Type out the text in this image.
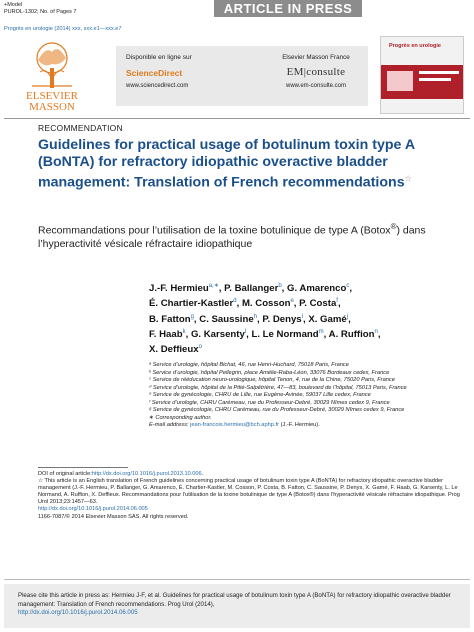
+Model
PUROL-1302; No. of Pages 7	ARTICLE IN PRESS
Progrès en urologie (2014) xxx, xxx.e1—xxx.e7
ELSEVIER
MASSON
Disponible en ligne sur
ScienceDirect
www.sciencedirect.com
Elsevier Masson France
EM|consulte
www.em-consulte.com
Progrès en urologie
RECOMMENDATION
Guidelines for practical usage of botulinum toxin type A (BoNTA) for refractory idiopathic overactive bladder management: Translation of French recommendations☆
Recommandations pour l’utilisation de la toxine botulinique de type A (Botox®) dans l’hyperactivité vésicale réfractaire idiopathique
J.-F. Hermieu$^{a,∗}$, P. Ballanger$^b$, G. Amarenco$^c$,
É. Chartier-Kastler$^d$, M. Cosson$^e$, P. Costa$^f$,
B. Fatton$^g$, C. Saussine$^h$, P. Denys$^i$, X. Gamé$^j$,
F. Haab$^k$, G. Karsenty$^l$, L. Le Normand$^m$, A. Ruffion$^n$,
X. Deffieux$^o$
ᵃ Service d’urologie, hôpital Bichat, 46, rue Henri-Huchard, 75018 Paris, France
ᵇ Service d’urologie, hôpital Pellegrin, place Amélie-Raba-Léon, 33076 Bordeaux cedex, France
ᶜ Service de rééducation neuro-urologique, hôpital Tenon, 4, rue de la Chine, 75020 Paris, France
ᵈ Service d’urologie, hôpital de la Pitié-Salpêtrière, 47—83, boulevard de l’hôpital, 75013 Paris, France
ᵉ Service de gynécologie, CHRU de Lille, rue Eugène-Avinée, 59037 Lille cedex, France
ᶠ Service d’urologie, CHRU Carémeau, rue du Professeur-Debré, 30029 Nîmes cedex 9, France
ᵍ Service de gynécologie, CHRU Carémeau, rue du Professeur-Debré, 30029 Nîmes cedex 9, France
∗ Corresponding author.
E-mail address: jean-francois.hermieu@bch.aphp.fr (J.-F. Hermieu).
DOI of original article:http://dx.doi.org/10.1016/j.purol.2013.10.006.
☆ This article is an English translation of French guidelines concerning practical usage of botulinum toxin type A (BoNTA) for refractory idiopathic overactive bladder management (J.-F. Hermieu, P. Ballanger, G. Amarenco, É. Chartier-Kastler, M. Cosson, P. Costa, B. Fatton, C. Saussine, P. Denys, X. Gamé, F. Haab, G. Karsenty, L. Le Normand, A. Ruffion, X. Deffieux. Recommandations pour l’utilisation de la toxine botulinique de type A (Botox®) dans l’hyperactivité vésicale réfractaire idiopathique. Prog Urol 2013;23:1457—63.
http://dx.doi.org/10.1016/j.purol.2014.06.005
1166-7087/© 2014 Elsevier Masson SAS. All rights reserved.
Please cite this article in press as: Hermieu J-F, et al. Guidelines for practical usage of botulinum toxin type A (BoNTA) for refractory idiopathic overactive bladder management: Translation of French recommendations. Prog Urol (2014),
http://dx.doi.org/10.1016/j.purol.2014.06.005
